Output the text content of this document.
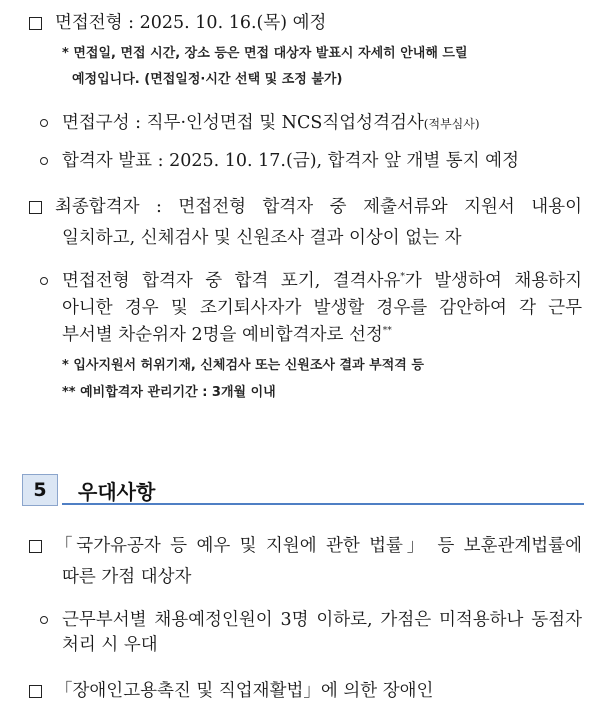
면접전형 : 2025. 10. 16.(목) 예정
* 면접일, 면접 시간, 장소 등은 면접 대상자 발표시 자세히 안내해 드릴
예정입니다. (면접일정·시간 선택 및 조정 불가)
면접구성 : 직무·인성면접 및 NCS직업성격검사(적부심사)
합격자 발표 : 2025. 10. 17.(금), 합격자 앞 개별 통지 예정
최종합격자 : 면접전형 합격자 중 제출서류와 지원서 내용이
일치하고, 신체검사 및 신원조사 결과 이상이 없는 자
면접전형 합격자 중 합격 포기, 결격사유*가 발생하여 채용하지
아니한 경우 및 조기퇴사자가 발생할 경우를 감안하여 각 근무
부서별 차순위자 2명을 예비합격자로 선정**
* 입사지원서 허위기재, 신체검사 또는 신원조사 결과 부적격 등
** 예비합격자 관리기간 : 3개월 이내
5	우대사항
「국가유공자 등 예우 및 지원에 관한 법률」 등 보훈관계법률에
따른 가점 대상자
근무부서별 채용예정인원이 3명 이하로, 가점은 미적용하나 동점자
처리 시 우대
「장애인고용촉진 및 직업재활법」에 의한 장애인
